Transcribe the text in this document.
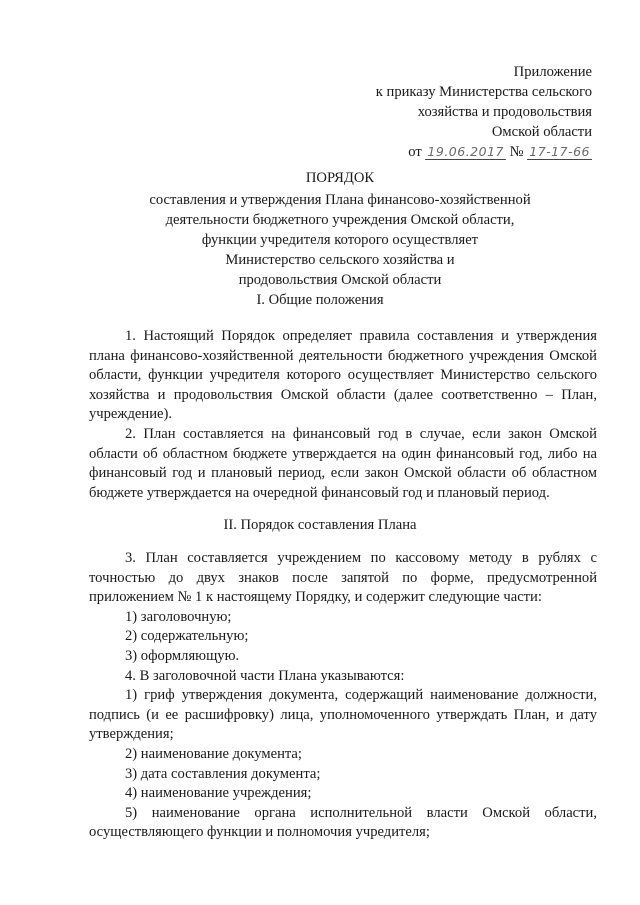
Приложение
к приказу Министерства сельского
хозяйства и продовольствия
Омской области
от 19.06.2017 № 17-17-66
ПОРЯДОК
составления и утверждения Плана финансово-хозяйственной
деятельности бюджетного учреждения Омской области,
функции учредителя которого осуществляет
Министерство сельского хозяйства и
продовольствия Омской области
I. Общие положения

1. Настоящий Порядок определяет правила составления и утверждения плана финансово-хозяйственной деятельности бюджетного учреждения Омской области, функции учредителя которого осуществляет Министерство сельского хозяйства и продовольствия Омской области (далее соответственно – План, учреждение).

2. План составляется на финансовый год в случае, если закон Омской области об областном бюджете утверждается на один финансовый год, либо на финансовый год и плановый период, если закон Омской области об областном бюджете утверждается на очередной финансовый год и плановый период.

II. Порядок составления Плана

3. План составляется учреждением по кассовому методу в рублях с точностью до двух знаков после запятой по форме, предусмотренной приложением № 1 к настоящему Порядку, и содержит следующие части:

1) заголовочную;

2) содержательную;

3) оформляющую.

4. В заголовочной части Плана указываются:

1) гриф утверждения документа, содержащий наименование должности, подпись (и ее расшифровку) лица, уполномоченного утверждать План, и дату утверждения;

2) наименование документа;

3) дата составления документа;

4) наименование учреждения;

5) наименование органа исполнительной власти Омской области, осуществляющего функции и полномочия учредителя;
